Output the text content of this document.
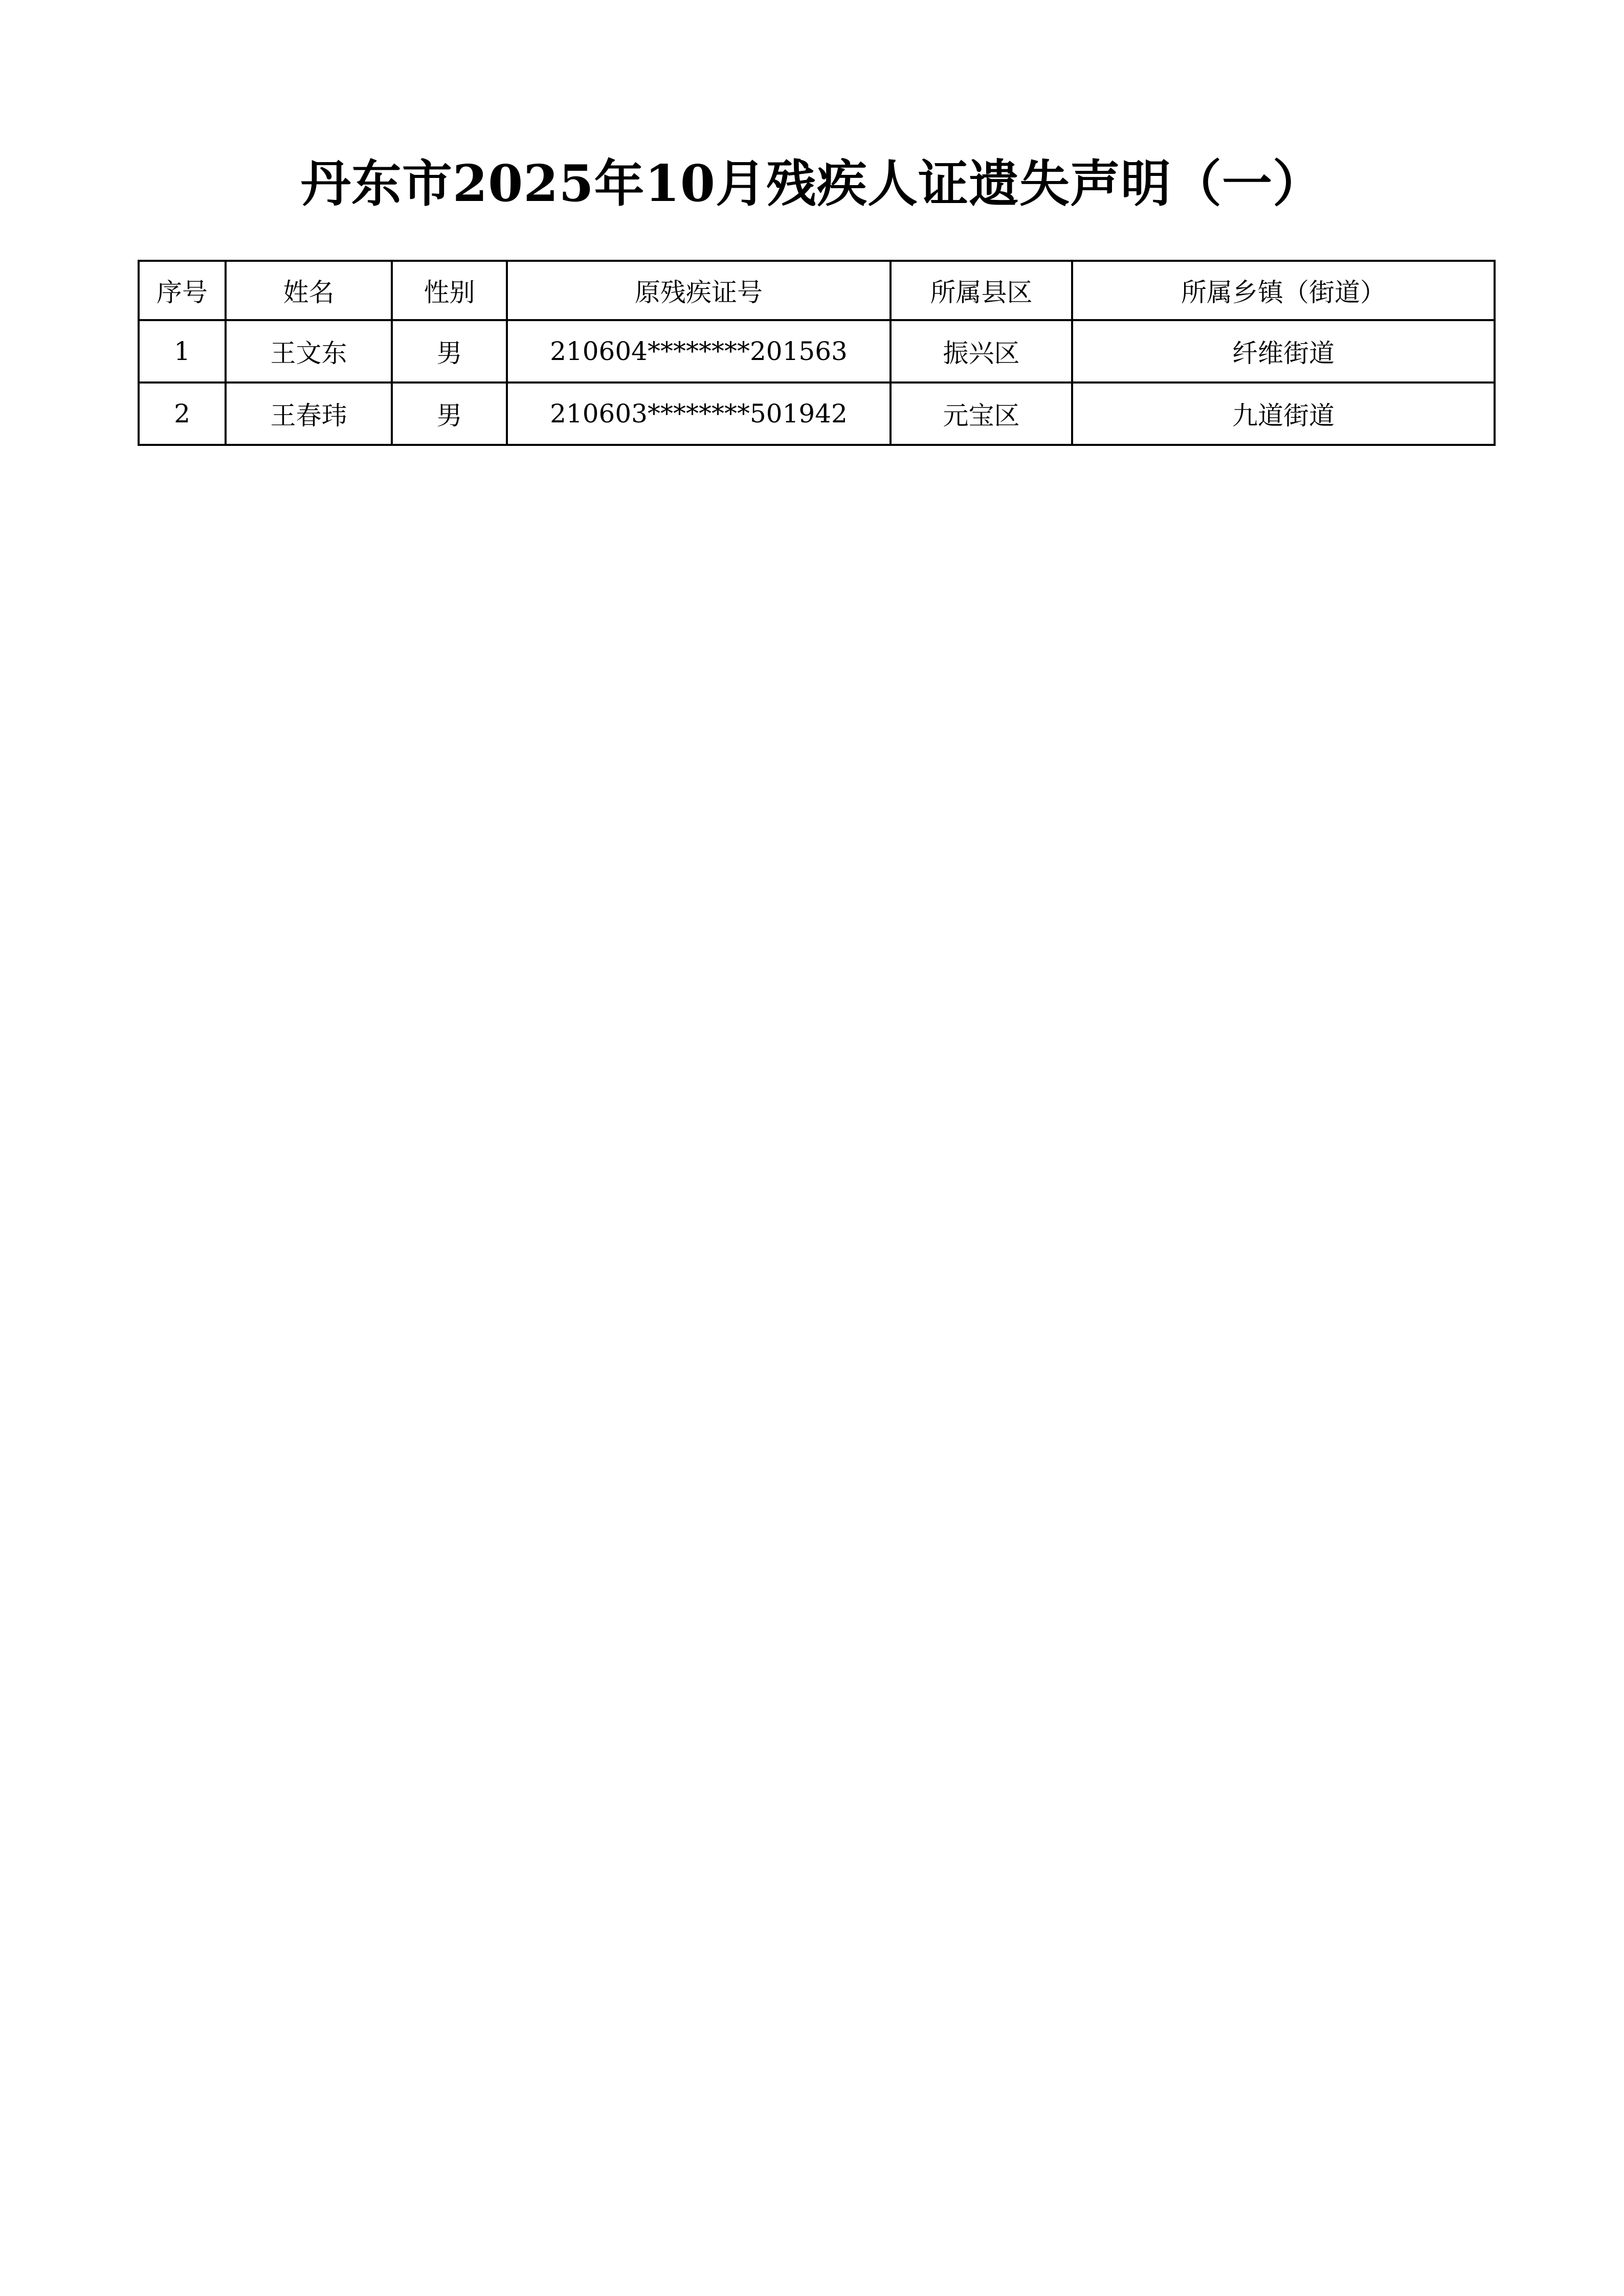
丹东市2025年10月残疾人证遗失声明（一）
序号	姓名	性别	原残疾证号	所属县区	所属乡镇（街道）
1	王文东	男	210604********201563	振兴区	纤维街道
2	王春玮	男	210603********501942	元宝区	九道街道
